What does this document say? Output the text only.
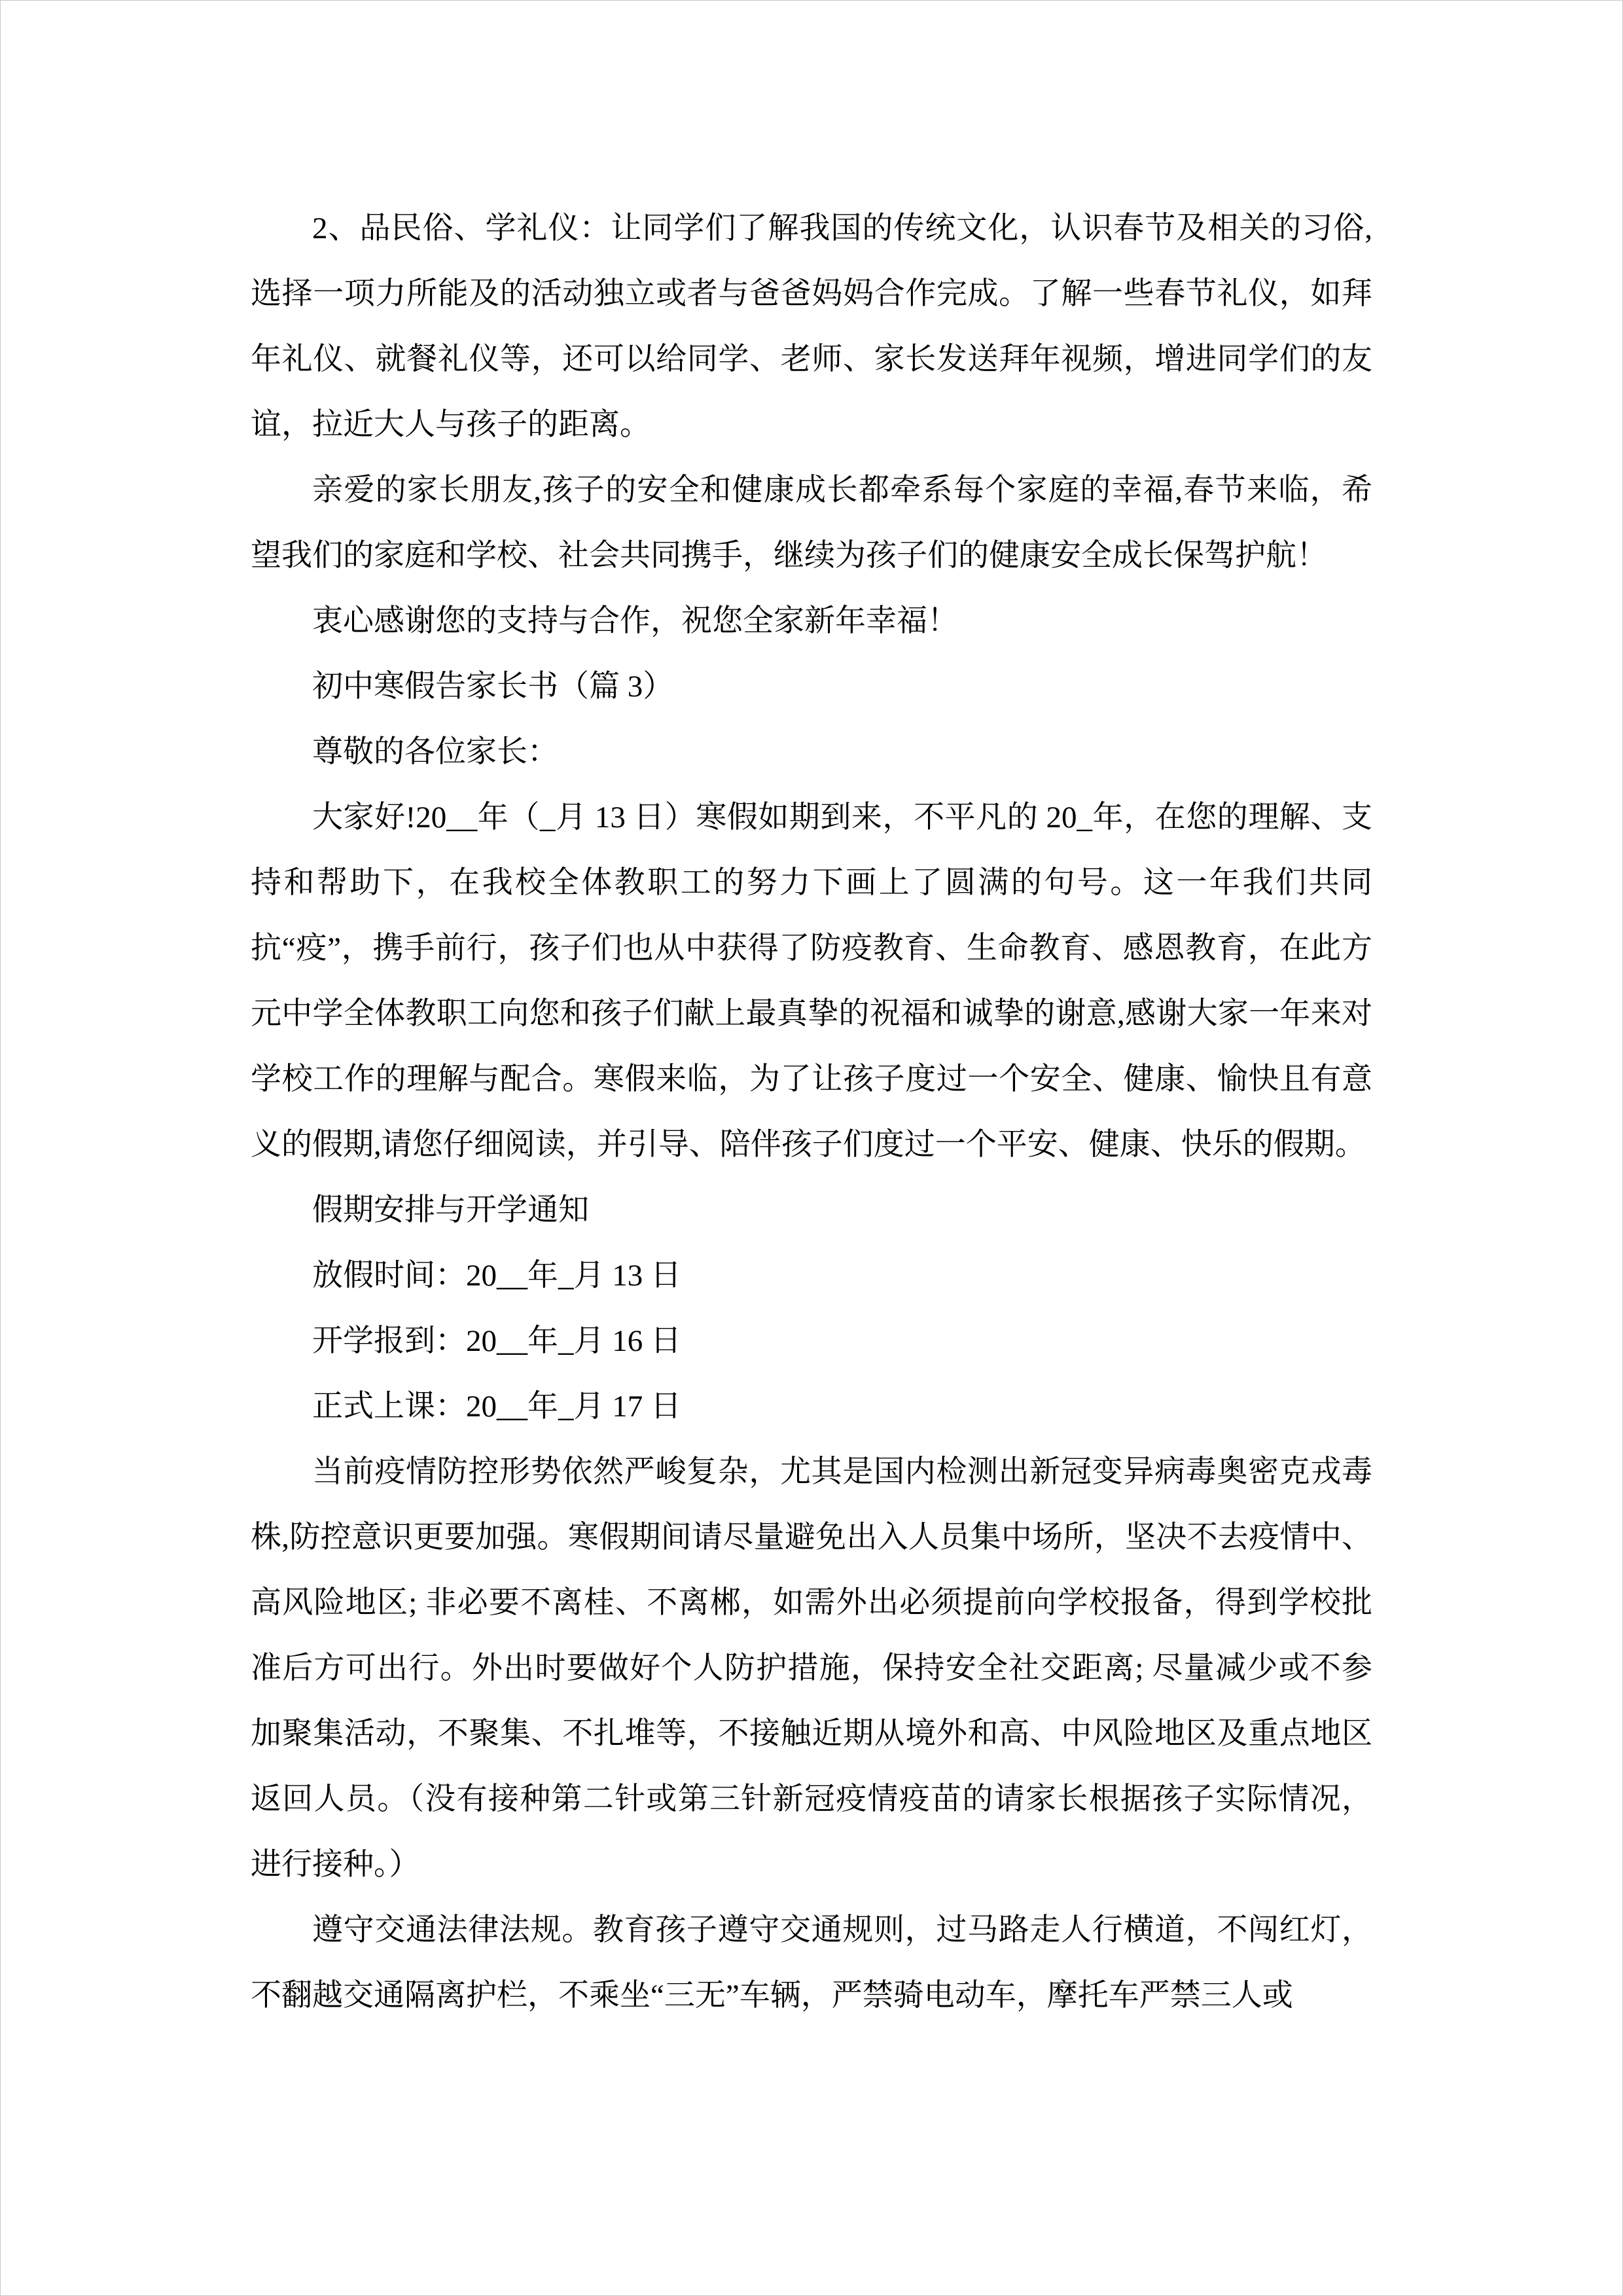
2、品民俗、学礼仪：让同学们了解我国的传统文化，认识春节及相关的习俗,选择一项力所能及的活动独立或者与爸爸妈妈合作完成。了解一些春节礼仪，如拜年礼仪、就餐礼仪等，还可以给同学、老师、家长发送拜年视频，增进同学们的友谊，拉近大人与孩子的距离。

亲爱的家长朋友,孩子的安全和健康成长都牵系每个家庭的幸福,春节来临，希望我们的家庭和学校、社会共同携手，继续为孩子们的健康安全成长保驾护航！

衷心感谢您的支持与合作，祝您全家新年幸福！

初中寒假告家长书（篇 3）

尊敬的各位家长：

大家好!20__年（_月 13 日）寒假如期到来，不平凡的 20_年，在您的理解、支持和帮助下，在我校全体教职工的努力下画上了圆满的句号。这一年我们共同抗“疫”，携手前行，孩子们也从中获得了防疫教育、生命教育、感恩教育，在此方元中学全体教职工向您和孩子们献上最真挚的祝福和诚挚的谢意,感谢大家一年来对学校工作的理解与配合。寒假来临，为了让孩子度过一个安全、健康、愉快且有意义的假期,请您仔细阅读，并引导、陪伴孩子们度过一个平安、健康、快乐的假期。

假期安排与开学通知

放假时间：20__年_月 13 日

开学报到：20__年_月 16 日

正式上课：20__年_月 17 日

当前疫情防控形势依然严峻复杂，尤其是国内检测出新冠变异病毒奥密克戎毒株,防控意识更要加强。寒假期间请尽量避免出入人员集中场所，坚决不去疫情中、高风险地区; 非必要不离桂、不离郴，如需外出必须提前向学校报备，得到学校批准后方可出行。外出时要做好个人防护措施，保持安全社交距离; 尽量减少或不参加聚集活动，不聚集、不扎堆等，不接触近期从境外和高、中风险地区及重点地区返回人员。（没有接种第二针或第三针新冠疫情疫苗的请家长根据孩子实际情况，进行接种。）

遵守交通法律法规。教育孩子遵守交通规则，过马路走人行横道，不闯红灯，不翻越交通隔离护栏，不乘坐“三无”车辆，严禁骑电动车，摩托车严禁三人或
